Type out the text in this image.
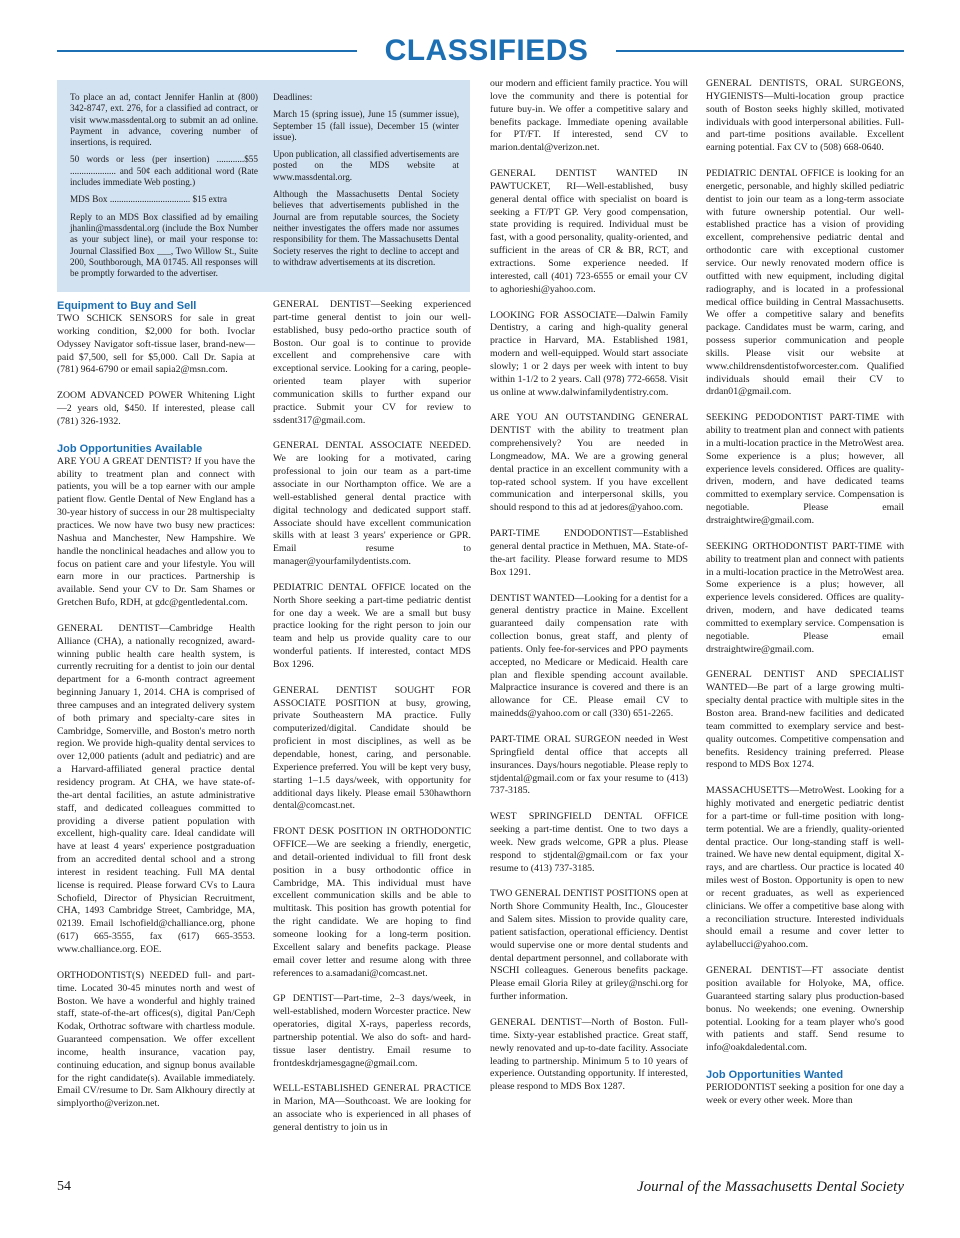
CLASSIFIEDS

To place an ad, contact Jennifer Hanlin at (800) 342-8747, ext. 276, for a classified ad contract, or visit www.massdental.org to submit an ad online. Payment in advance, covering number of insertions, is required.

50 words or less (per insertion) ............$55 .................... and 50¢ each additional word (Rate includes immediate Web posting.)

MDS Box ................................... $15 extra

Reply to an MDS Box classified ad by emailing jhanlin@massdental.org (include the Box Number as your subject line), or mail your response to: Journal Classified Box ___, Two Willow St., Suite 200, Southborough, MA 01745. All responses will be promptly forwarded to the advertiser.

Deadlines:

March 15 (spring issue), June 15 (summer issue), September 15 (fall issue), December 15 (winter issue).

Upon publication, all classified advertisements are posted on the MDS website at www.massdental.org.

Although the Massachusetts Dental Society believes that advertisements published in the Journal are from reputable sources, the Society neither investigates the offers made nor assumes responsibility for them. The Massachusetts Dental Society reserves the right to decline to accept and to withdraw advertisements at its discretion.

Equipment to Buy and Sell

TWO SCHICK SENSORS for sale in great working condition, $2,000 for both. Ivoclar Odyssey Navigator soft-tissue laser, brand-new—paid $7,500, sell for $5,000. Call Dr. Sapia at (781) 964-6790 or email sapia2@msn.com.

ZOOM ADVANCED POWER Whitening Light—2 years old, $450. If interested, please call (781) 326-1932.

Job Opportunities Available

ARE YOU A GREAT DENTIST? If you have the ability to treatment plan and connect with patients, you will be a top earner with our ample patient flow. Gentle Dental of New England has a 30-year history of success in our 28 multispecialty practices. We now have two busy new practices: Nashua and Manchester, New Hampshire. We handle the nonclinical headaches and allow you to focus on patient care and your lifestyle. You will earn more in our practices. Partnership is available. Send your CV to Dr. Sam Shames or Gretchen Bufo, RDH, at gdc@gentledental.com.

GENERAL DENTIST—Cambridge Health Alliance (CHA), a nationally recognized, award-winning public health care health system, is currently recruiting for a dentist to join our dental department for a 6-month contract agreement beginning January 1, 2014. CHA is comprised of three campuses and an integrated delivery system of both primary and specialty-care sites in Cambridge, Somerville, and Boston's metro north region. We provide high-quality dental services to over 12,000 patients (adult and pediatric) and are a Harvard-affiliated general practice dental residency program. At CHA, we have state-of-the-art dental facilities, an astute administrative staff, and dedicated colleagues committed to providing a diverse patient population with excellent, high-quality care. Ideal candidate will have at least 4 years' experience postgraduation from an accredited dental school and a strong interest in resident teaching. Full MA dental license is required. Please forward CVs to Laura Schofield, Director of Physician Recruitment, CHA, 1493 Cambridge Street, Cambridge, MA, 02139. Email lschofield@challiance.org, phone (617) 665-3555, fax (617) 665-3553. www.challiance.org. EOE.

ORTHODONTIST(S) NEEDED full- and part-time. Located 30-45 minutes north and west of Boston. We have a wonderful and highly trained staff, state-of-the-art offices(s), digital Pan/Ceph Kodak, Orthotrac software with chartless module. Guaranteed compensation. We offer excellent income, health insurance, vacation pay, continuing education, and signup bonus available for the right candidate(s). Available immediately. Email CV/resume to Dr. Sam Alkhoury directly at simplyortho@verizon.net.

GENERAL DENTIST—Seeking experienced part-time general dentist to join our well-established, busy pedo-ortho practice south of Boston. Our goal is to continue to provide excellent and comprehensive care with exceptional service. Looking for a caring, people-oriented team player with superior communication skills to further expand our practice. Submit your CV for review to ssdent317@gmail.com.

GENERAL DENTAL ASSOCIATE NEEDED. We are looking for a motivated, caring professional to join our team as a part-time associate in our Northampton office. We are a well-established general dental practice with digital technology and dedicated support staff. Associate should have excellent communication skills with at least 3 years' experience or GPR. Email resume to manager@yourfamilydentists.com.

PEDIATRIC DENTAL OFFICE located on the North Shore seeking a part-time pediatric dentist for one day a week. We are a small but busy practice looking for the right person to join our team and help us provide quality care to our wonderful patients. If interested, contact MDS Box 1296.

GENERAL DENTIST SOUGHT FOR ASSOCIATE POSITION at busy, growing, private Southeastern MA practice. Fully computerized/digital. Candidate should be proficient in most disciplines, as well as be dependable, honest, caring, and personable. Experience preferred. You will be kept very busy, starting 1–1.5 days/week, with opportunity for additional days likely. Please email 530hawthorn dental@comcast.net.

FRONT DESK POSITION IN ORTHODONTIC OFFICE—We are seeking a friendly, energetic, and detail-oriented individual to fill front desk position in a busy orthodontic office in Cambridge, MA. This individual must have excellent communication skills and be able to multitask. This position has growth potential for the right candidate. We are hoping to find someone looking for a long-term position. Excellent salary and benefits package. Please email cover letter and resume along with three references to a.samadani@comcast.net.

GP DENTIST—Part-time, 2–3 days/week, in well-established, modern Worcester practice. New operatories, digital X-rays, paperless records, partnership potential. We also do soft- and hard-tissue laser dentistry. Email resume to frontdeskdrjamesgagne@gmail.com.

WELL-ESTABLISHED GENERAL PRACTICE in Marion, MA—Southcoast. We are looking for an associate who is experienced in all phases of general dentistry to join us in

our modern and efficient family practice. You will love the community and there is potential for future buy-in. We offer a competitive salary and benefits package. Immediate opening available for PT/FT. If interested, send CV to marion.dental@verizon.net.

GENERAL DENTIST WANTED IN PAWTUCKET, RI—Well-established, busy general dental office with specialist on board is seeking a FT/PT GP. Very good compensation, state providing is required. Individual must be fast, with a good personality, quality-oriented, and sufficient in the areas of CR & BR, RCT, and extractions. Some experience needed. If interested, call (401) 723-6555 or email your CV to aghorieshi@yahoo.com.

LOOKING FOR ASSOCIATE—Dalwin Family Dentistry, a caring and high-quality general practice in Harvard, MA. Established 1981, modern and well-equipped. Would start associate slowly; 1 or 2 days per week with intent to buy within 1-1/2 to 2 years. Call (978) 772-6658. Visit us online at www.dalwinfamilydentistry.com.

ARE YOU AN OUTSTANDING GENERAL DENTIST with the ability to treatment plan comprehensively? You are needed in Longmeadow, MA. We are a growing general dental practice in an excellent community with a top-rated school system. If you have excellent communication and interpersonal skills, you should respond to this ad at jedores@yahoo.com.

PART-TIME ENDODONTIST—Established general dental practice in Methuen, MA. State-of-the-art facility. Please forward resume to MDS Box 1291.

DENTIST WANTED—Looking for a dentist for a general dentistry practice in Maine. Excellent guaranteed daily compensation rate with collection bonus, great staff, and plenty of patients. Only fee-for-services and PPO payments accepted, no Medicare or Medicaid. Health care plan and flexible spending account available. Malpractice insurance is covered and there is an allowance for CE. Please email CV to mainedds@yahoo.com or call (330) 651-2265.

PART-TIME ORAL SURGEON needed in West Springfield dental office that accepts all insurances. Days/hours negotiable. Please reply to stjdental@gmail.com or fax your resume to (413) 737-3185.

WEST SPRINGFIELD DENTAL OFFICE seeking a part-time dentist. One to two days a week. New grads welcome, GPR a plus. Please respond to stjdental@gmail.com or fax your resume to (413) 737-3185.

TWO GENERAL DENTIST POSITIONS open at North Shore Community Health, Inc., Gloucester and Salem sites. Mission to provide quality care, patient satisfaction, operational efficiency. Dentist would supervise one or more dental students and dental department personnel, and collaborate with NSCHI colleagues. Generous benefits package. Please email Gloria Riley at griley@nschi.org for further information.

GENERAL DENTIST—North of Boston. Full-time. Sixty-year established practice. Great staff, newly renovated and up-to-date facility. Associate leading to partnership. Minimum 5 to 10 years of experience. Outstanding opportunity. If interested, please respond to MDS Box 1287.

GENERAL DENTISTS, ORAL SURGEONS, HYGIENISTS—Multi-location group practice south of Boston seeks highly skilled, motivated individuals with good interpersonal abilities. Full- and part-time positions available. Excellent earning potential. Fax CV to (508) 668-0640.

PEDIATRIC DENTAL OFFICE is looking for an energetic, personable, and highly skilled pediatric dentist to join our team as a long-term associate with future ownership potential. Our well-established practice has a vision of providing excellent, comprehensive pediatric dental and orthodontic care with exceptional customer service. Our newly renovated modern office is outfitted with new equipment, including digital radiography, and is located in a professional medical office building in Central Massachusetts. We offer a competitive salary and benefits package. Candidates must be warm, caring, and possess superior communication and people skills. Please visit our website at www.childrensdentistofworcester.com. Qualified individuals should email their CV to drdan01@gmail.com.

SEEKING PEDODONTIST PART-TIME with ability to treatment plan and connect with patients in a multi-location practice in the MetroWest area. Some experience is a plus; however, all experience levels considered. Offices are quality-driven, modern, and have dedicated teams committed to exemplary service. Compensation is negotiable. Please email drstraightwire@gmail.com.

SEEKING ORTHODONTIST PART-TIME with ability to treatment plan and connect with patients in a multi-location practice in the MetroWest area. Some experience is a plus; however, all experience levels considered. Offices are quality-driven, modern, and have dedicated teams committed to exemplary service. Compensation is negotiable. Please email drstraightwire@gmail.com.

GENERAL DENTIST AND SPECIALIST WANTED—Be part of a large growing multi-specialty dental practice with multiple sites in the Boston area. Brand-new facilities and dedicated team committed to exemplary service and best-quality outcomes. Competitive compensation and benefits. Residency training preferred. Please respond to MDS Box 1274.

MASSACHUSETTS—MetroWest. Looking for a highly motivated and energetic pediatric dentist for a part-time or full-time position with long-term potential. We are a friendly, quality-oriented dental practice. Our long-standing staff is well-trained. We have new dental equipment, digital X-rays, and are chartless. Our practice is located 40 miles west of Boston. Opportunity is open to new or recent graduates, as well as experienced clinicians. We offer a competitive base along with a reconciliation structure. Interested individuals should email a resume and cover letter to aylabellucci@yahoo.com.

GENERAL DENTIST—FT associate dentist position available for Holyoke, MA, office. Guaranteed starting salary plus production-based bonus. No weekends; one evening. Ownership potential. Looking for a team player who's good with patients and staff. Send resume to info@oakdaledental.com.

Job Opportunities Wanted

PERIODONTIST seeking a position for one day a week or every other week. More than

54	Journal of the Massachusetts Dental Society
